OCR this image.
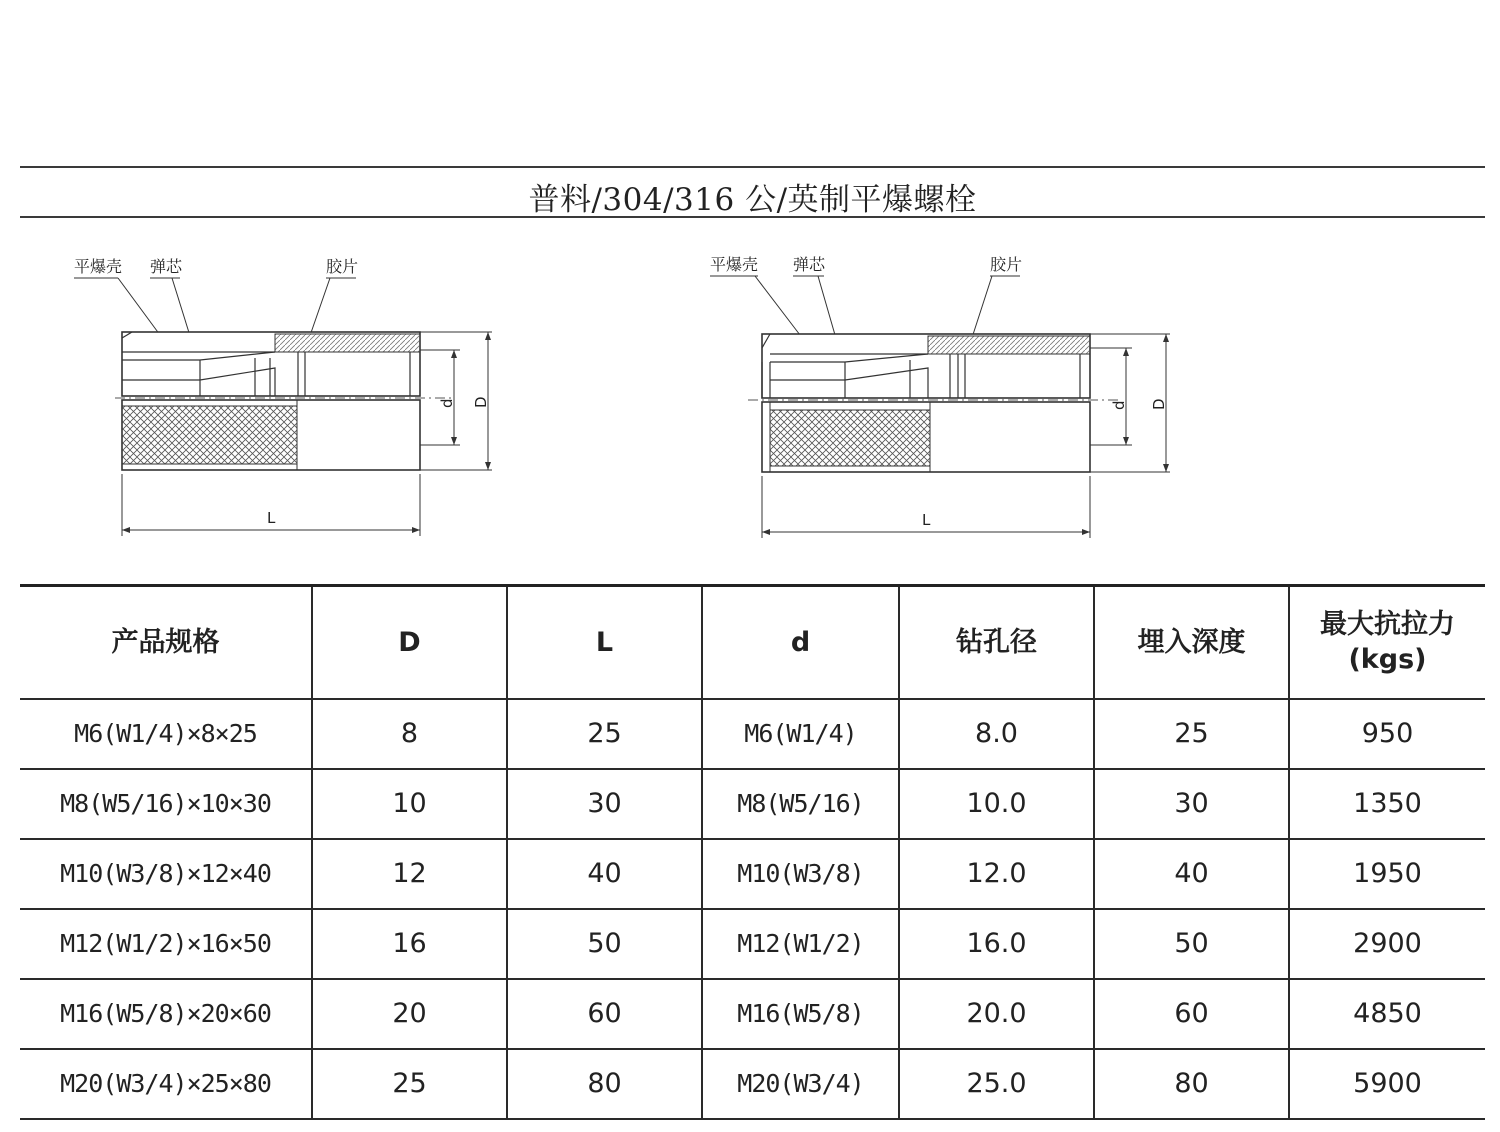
普料/304/316 公/英制平爆螺栓
平爆壳 弹芯	胶片
d D
L
平爆壳 弹芯	胶片
d D
L
产品规格	D	L	d	钻孔径	埋入深度	最大抗拉力
(kgs)

M6(W1/4)×8×25	8	25	M6(W1/4)	8.0	25	950
M8(W5/16)×10×30	10	30	M8(W5/16)	10.0	30	1350
M10(W3/8)×12×40	12	40	M10(W3/8)	12.0	40	1950
M12(W1/2)×16×50	16	50	M12(W1/2)	16.0	50	2900
M16(W5/8)×20×60	20	60	M16(W5/8)	20.0	60	4850
M20(W3/4)×25×80	25	80	M20(W3/4)	25.0	80	5900
